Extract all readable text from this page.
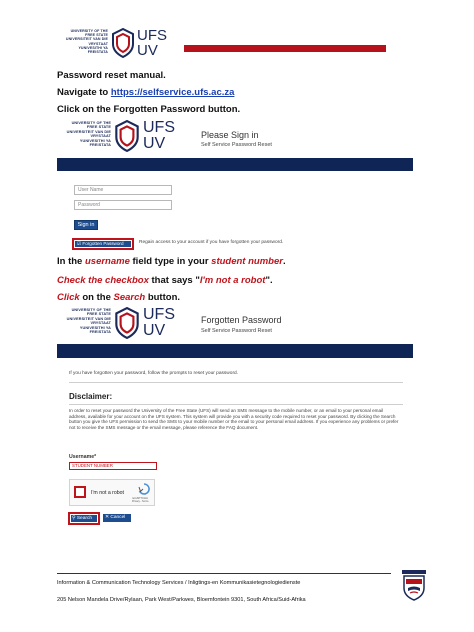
UNIVERSITY OF THE
FREE STATE
UNIVERSITEIT VAN DIE
VRYSTAAT
YUNIVESITHI YA
FREISTATA
UFS
UV
Password reset manual.
Navigate to https://selfservice.ufs.ac.za
Click on the Forgotten Password button.
UNIVERSITY OF THE
FREE STATE
UNIVERSITEIT VAN DIE
VRYSTAAT
YUNIVESITHI YA
FREISTATA
UFS
UV	Please Sign in
Self Service Password Reset
User Name
Password
Sign in
☑ Forgotten Password	Regain access to your account if you have forgotten your password.
In the username field type in your student number.
Check the checkbox that says "I'm not a robot".
Click on the Search button.
UNIVERSITY OF THE
FREE STATE
UNIVERSITEIT VAN DIE
VRYSTAAT
YUNIVESITHI YA
FREISTATA
UFS
UV
Forgotten Password
Self Service Password Reset
If you have forgotten your password, follow the prompts to reset your password.
Disclaimer:
In order to reset your password the University of the Free State (UFS) will send an SMS message to the mobile number, or an email to your personal email address, available for your account on the UFS system. This system will provide you with a security code required to reset your password. By clicking the Search button you give the UFS permission to send the SMS to your mobile number or the email to your personal email address. If you experience any problems or prefer not to receive the SMS message or the email message, please reference the FAQ document.
Username*
STUDENT NUMBER
I'm not a robot
reCAPTCHA
Privacy - Terms
⚲ Search	✕ Cancel
Information & Communication Technology Services / Inligtings-en Kommunikasietegnologiedienste
205 Nelson Mandela Drive/Rylaan, Park West/Parkwes, Bloemfontein 9301, South Africa/Suid-Afrika
